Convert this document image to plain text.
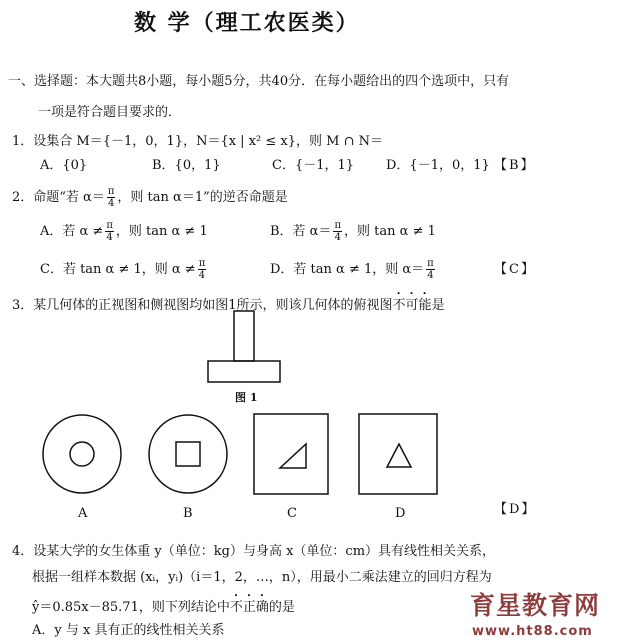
数 学（理工农医类）
一、选择题：本大题共8小题，每小题5分，共40分．在每小题给出的四个选项中，只有
一项是符合题目要求的．
1．设集合 M＝{－1，0，1}，N＝{x | x² ≤ x}，则 M ∩ N＝
A．{0}	B．{0，1}	C．{－1，1} D．{－1，0，1} 【B】
2．命题“若 $\alpha= \frac{\pi}{4}$ ，则 tan α＝1”的逆否命题是
A．若 $\alpha \ne \frac{\pi}{4}$ ，则 tan α ≠ 1	B．若 $\alpha= \frac{\pi}{4}$ ，则 tan α ≠ 1
C．若 tan α ≠ 1，则 $\alpha \ne \frac{\pi}{4}$	D．若 tan α ≠ 1，则 $\alpha= \frac{\pi}{4}$	【C】
3．某几何体的正视图和侧视图均如图1所示，则该几何体的俯视图不可能是
图 1
A	B	C	D	【D】
4．设某大学的女生体重 y（单位：kg）与身高 x（单位：cm）具有线性相关关系，
根据一组样本数据 (xᵢ，yᵢ)（i＝1，2，…，n），用最小二乘法建立的回归方程为
ŷ＝0.85x－85.71，则下列结论中不正确的是
A．y 与 x 具有正的线性相关关系
育星教育网
www.ht88.com
